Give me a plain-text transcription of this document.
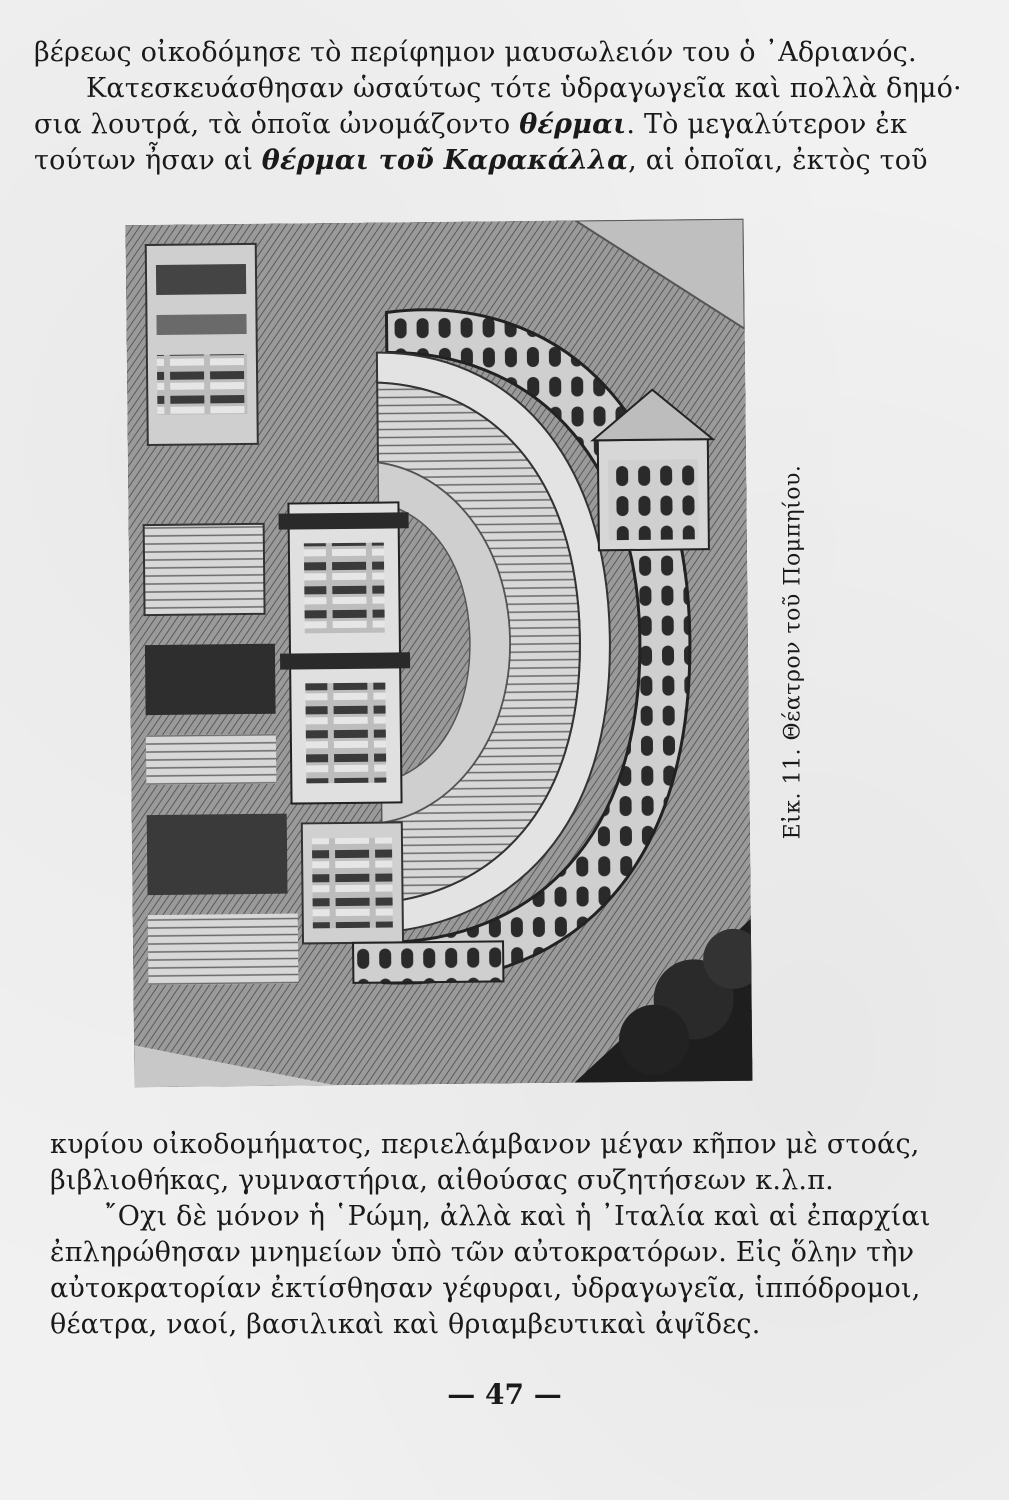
βέρεως οἰκοδόμησε τὸ περίφημον μαυσωλειόν του ὁ ᾿Αδριανός.
Κατεσκευάσθησαν ὡσαύτως τότε ὑδραγωγεῖα καὶ πολλὰ δημό·
σια λουτρά, τὰ ὁποῖα ὠνομάζοντο θέρμαι. Τὸ μεγαλύτερον ἐκ
τούτων ἦσαν αἱ θέρμαι τοῦ Καρακάλλα, αἱ ὁποῖαι, ἐκτὸς τοῦ
Εἰκ. 11. Θέατρον τοῦ Πομπηίου.
κυρίου οἰκοδομήματος, περιελάμβανον μέγαν κῆπον μὲ στοάς,
βιβλιοθήκας, γυμναστήρια, αἰθούσας συζητήσεων κ.λ.π.
῎Οχι δὲ μόνον ἡ ῾Ρώμη, ἀλλὰ καὶ ἡ ᾿Ιταλία καὶ αἱ ἐπαρχίαι
ἐπληρώθησαν μνημείων ὑπὸ τῶν αὐτοκρατόρων. Εἰς ὅλην τὴν
αὐτοκρατορίαν ἐκτίσθησαν γέφυραι, ὑδραγωγεῖα, ἱππόδρομοι,
θέατρα, ναοί, βασιλικαὶ καὶ θριαμβευτικαὶ ἀψῖδες.
— 47 —
